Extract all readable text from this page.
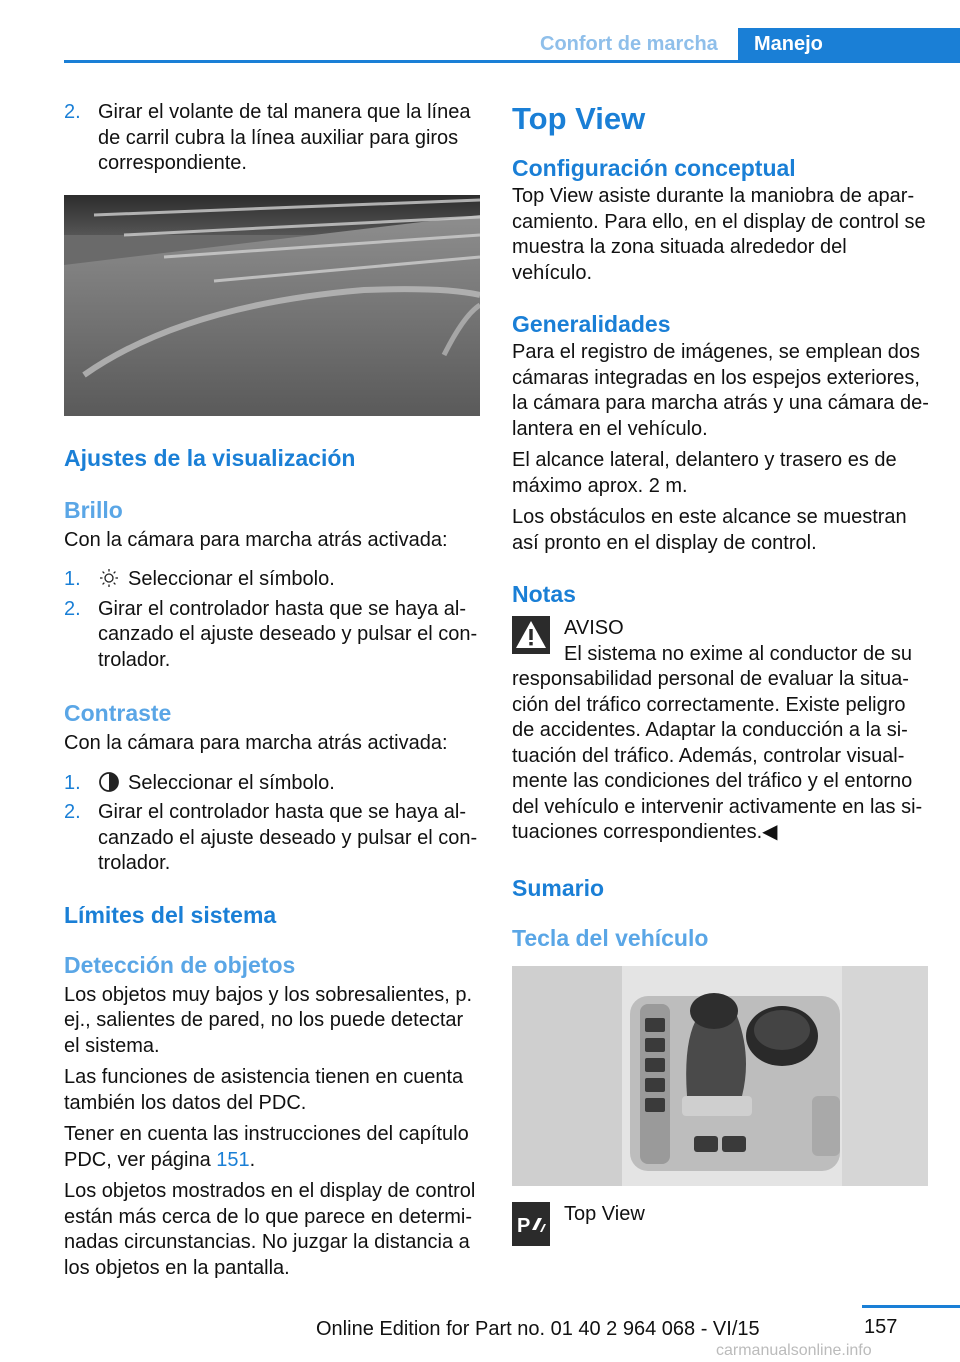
Confort de marcha	Manejo
2. Girar el volante de tal manera que la línea de carril cubra la línea auxiliar para giros correspondiente.
Ajustes de la visualización
Brillo

Con la cámara para marcha atrás activada:

1. Seleccionar el símbolo.
2. Girar el controlador hasta que se haya alcanzado el ajuste deseado y pulsar el controlador.
Contraste

Con la cámara para marcha atrás activada:

1. Seleccionar el símbolo.
2. Girar el controlador hasta que se haya alcanzado el ajuste deseado y pulsar el controlador.
Límites del sistema
Detección de objetos

Los objetos muy bajos y los sobresalientes, p. ej., salientes de pared, no los puede detectar el sistema.

Las funciones de asistencia tienen en cuenta también los datos del PDC.

Tener en cuenta las instrucciones del capítulo PDC, ver página 151.

Los objetos mostrados en el display de control están más cerca de lo que parece en determinadas circunstancias. No juzgar la distancia a los objetos en la pantalla.

Top View
Configuración conceptual

Top View asiste durante la maniobra de aparcamiento. Para ello, en el display de control se muestra la zona situada alrededor del vehículo.

Generalidades

Para el registro de imágenes, se emplean dos cámaras integradas en los espejos exteriores, la cámara para marcha atrás y una cámara delantera en el vehículo.

El alcance lateral, delantero y trasero es de máximo aprox. 2 m.

Los obstáculos en este alcance se muestran así pronto en el display de control.

Notas

AVISO

El sistema no exime al conductor de su

responsabilidad personal de evaluar la situación del tráfico correctamente. Existe peligro de accidentes. Adaptar la conducción a la situación del tráfico. Además, controlar visualmente las condiciones del tráfico y el entorno del vehículo e intervenir activamente en las situaciones correspondientes.◀

Sumario
Tecla del vehículo
P

Top View

157
Online Edition for Part no. 01 40 2 964 068 - VI/15
carmanualsonline.info
